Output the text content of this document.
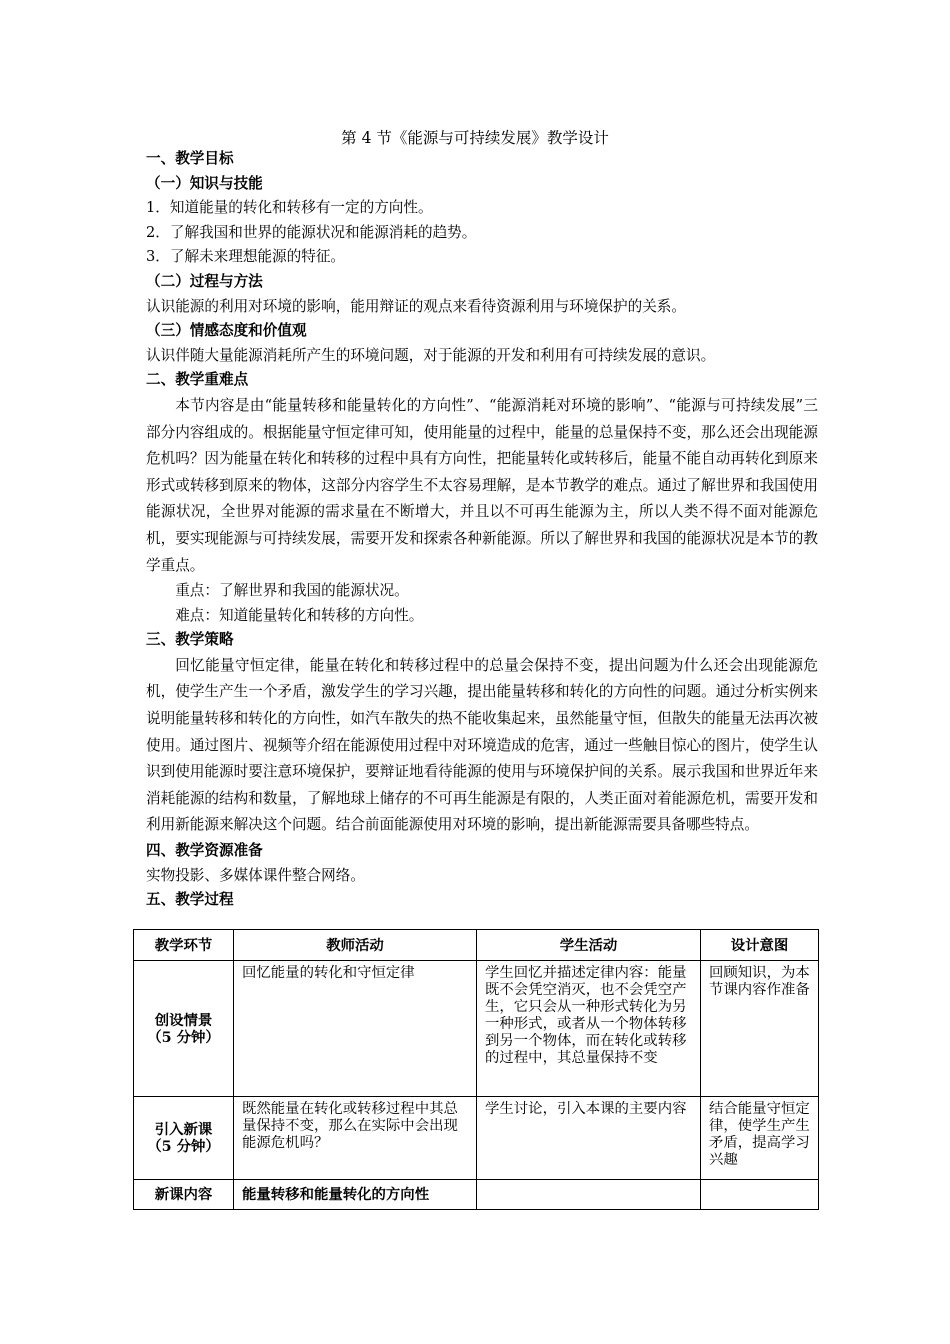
第 4 节《能源与可持续发展》教学设计

一、教学目标

（一）知识与技能

1．知道能量的转化和转移有一定的方向性。

2．了解我国和世界的能源状况和能源消耗的趋势。

3．了解未来理想能源的特征。

（二）过程与方法

认识能源的利用对环境的影响，能用辩证的观点来看待资源利用与环境保护的关系。

（三）情感态度和价值观

认识伴随大量能源消耗所产生的环境问题，对于能源的开发和利用有可持续发展的意识。

二、教学重难点

本节内容是由“能量转移和能量转化的方向性”、“能源消耗对环境的影响”、“能源与可持续发展”三部分内容组成的。根据能量守恒定律可知，使用能量的过程中，能量的总量保持不变，那么还会出现能源危机吗？因为能量在转化和转移的过程中具有方向性，把能量转化或转移后，能量不能自动再转化到原来形式或转移到原来的物体，这部分内容学生不太容易理解，是本节教学的难点。通过了解世界和我国使用能源状况，全世界对能源的需求量在不断增大，并且以不可再生能源为主，所以人类不得不面对能源危机，要实现能源与可持续发展，需要开发和探索各种新能源。所以了解世界和我国的能源状况是本节的教学重点。

重点：了解世界和我国的能源状况。

难点：知道能量转化和转移的方向性。

三、教学策略

回忆能量守恒定律，能量在转化和转移过程中的总量会保持不变，提出问题为什么还会出现能源危机，使学生产生一个矛盾，激发学生的学习兴趣，提出能量转移和转化的方向性的问题。通过分析实例来说明能量转移和转化的方向性，如汽车散失的热不能收集起来，虽然能量守恒，但散失的能量无法再次被使用。通过图片、视频等介绍在能源使用过程中对环境造成的危害，通过一些触目惊心的图片，使学生认识到使用能源时要注意环境保护，要辩证地看待能源的使用与环境保护间的关系。展示我国和世界近年来消耗能源的结构和数量，了解地球上储存的不可再生能源是有限的，人类正面对着能源危机，需要开发和利用新能源来解决这个问题。结合前面能源使用对环境的影响，提出新能源需要具备哪些特点。

四、教学资源准备

实物投影、多媒体课件整合网络。

五、教学过程

教学环节	教师活动	学生活动	设计意图

创设情景
（5 分钟）	回忆能量的转化和守恒定律	学生回忆并描述定律内容：能量既不会凭空消灭，也不会凭空产生，它只会从一种形式转化为另一种形式，或者从一个物体转移到另一个物体，而在转化或转移的过程中，其总量保持不变	回顾知识，为本节课内容作准备

引入新课
（5 分钟）	既然能量在转化或转移过程中其总量保持不变，那么在实际中会出现能源危机吗？	学生讨论，引入本课的主要内容	结合能量守恒定律，使学生产生矛盾，提高学习兴趣

新课内容	能量转移和能量转化的方向性		
